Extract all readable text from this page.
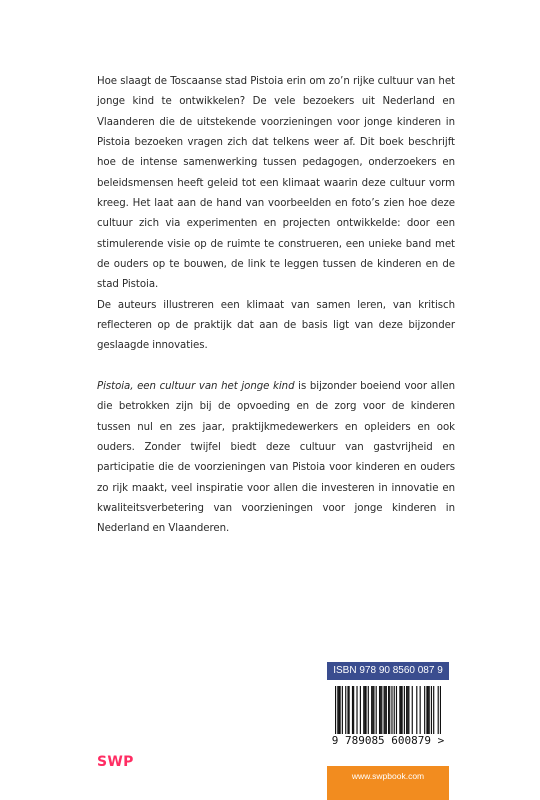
Hoe slaagt de Toscaanse stad Pistoia erin om zo’n rijke cultuur van het jonge kind te ontwikkelen? De vele bezoekers uit Nederland en Vlaanderen die de uitstekende voorzieningen voor jonge kinderen in Pistoia bezoeken vragen zich dat telkens weer af. Dit boek beschrijft hoe de intense samenwerking tussen pedagogen, onderzoekers en beleidsmensen heeft geleid tot een klimaat waarin deze cultuur vorm kreeg. Het laat aan de hand van voorbeelden en foto’s zien hoe deze cultuur zich via experimenten en projecten ontwikkelde: door een stimulerende visie op de ruimte te construeren, een unieke band met de ouders op te bouwen, de link te leggen tussen de kinderen en de stad Pistoia.

De auteurs illustreren een klimaat van samen leren, van kritisch reflecteren op de praktijk dat aan de basis ligt van deze bijzonder geslaagde innovaties.

Pistoia, een cultuur van het jonge kind is bijzonder boeiend voor allen die betrokken zijn bij de opvoeding en de zorg voor de kinderen tussen nul en zes jaar, praktijkmedewerkers en opleiders en ook ouders. Zonder twijfel biedt deze cultuur van gastvrijheid en participatie die de voorzieningen van Pistoia voor kinderen en ouders zo rijk maakt, veel inspiratie voor allen die investeren in innovatie en kwaliteitsverbetering van voorzieningen voor jonge kinderen in Nederland en Vlaanderen.

SWP
ISBN 978 90 8560 087 9
9 789085 600879 >
www.swpbook.com
